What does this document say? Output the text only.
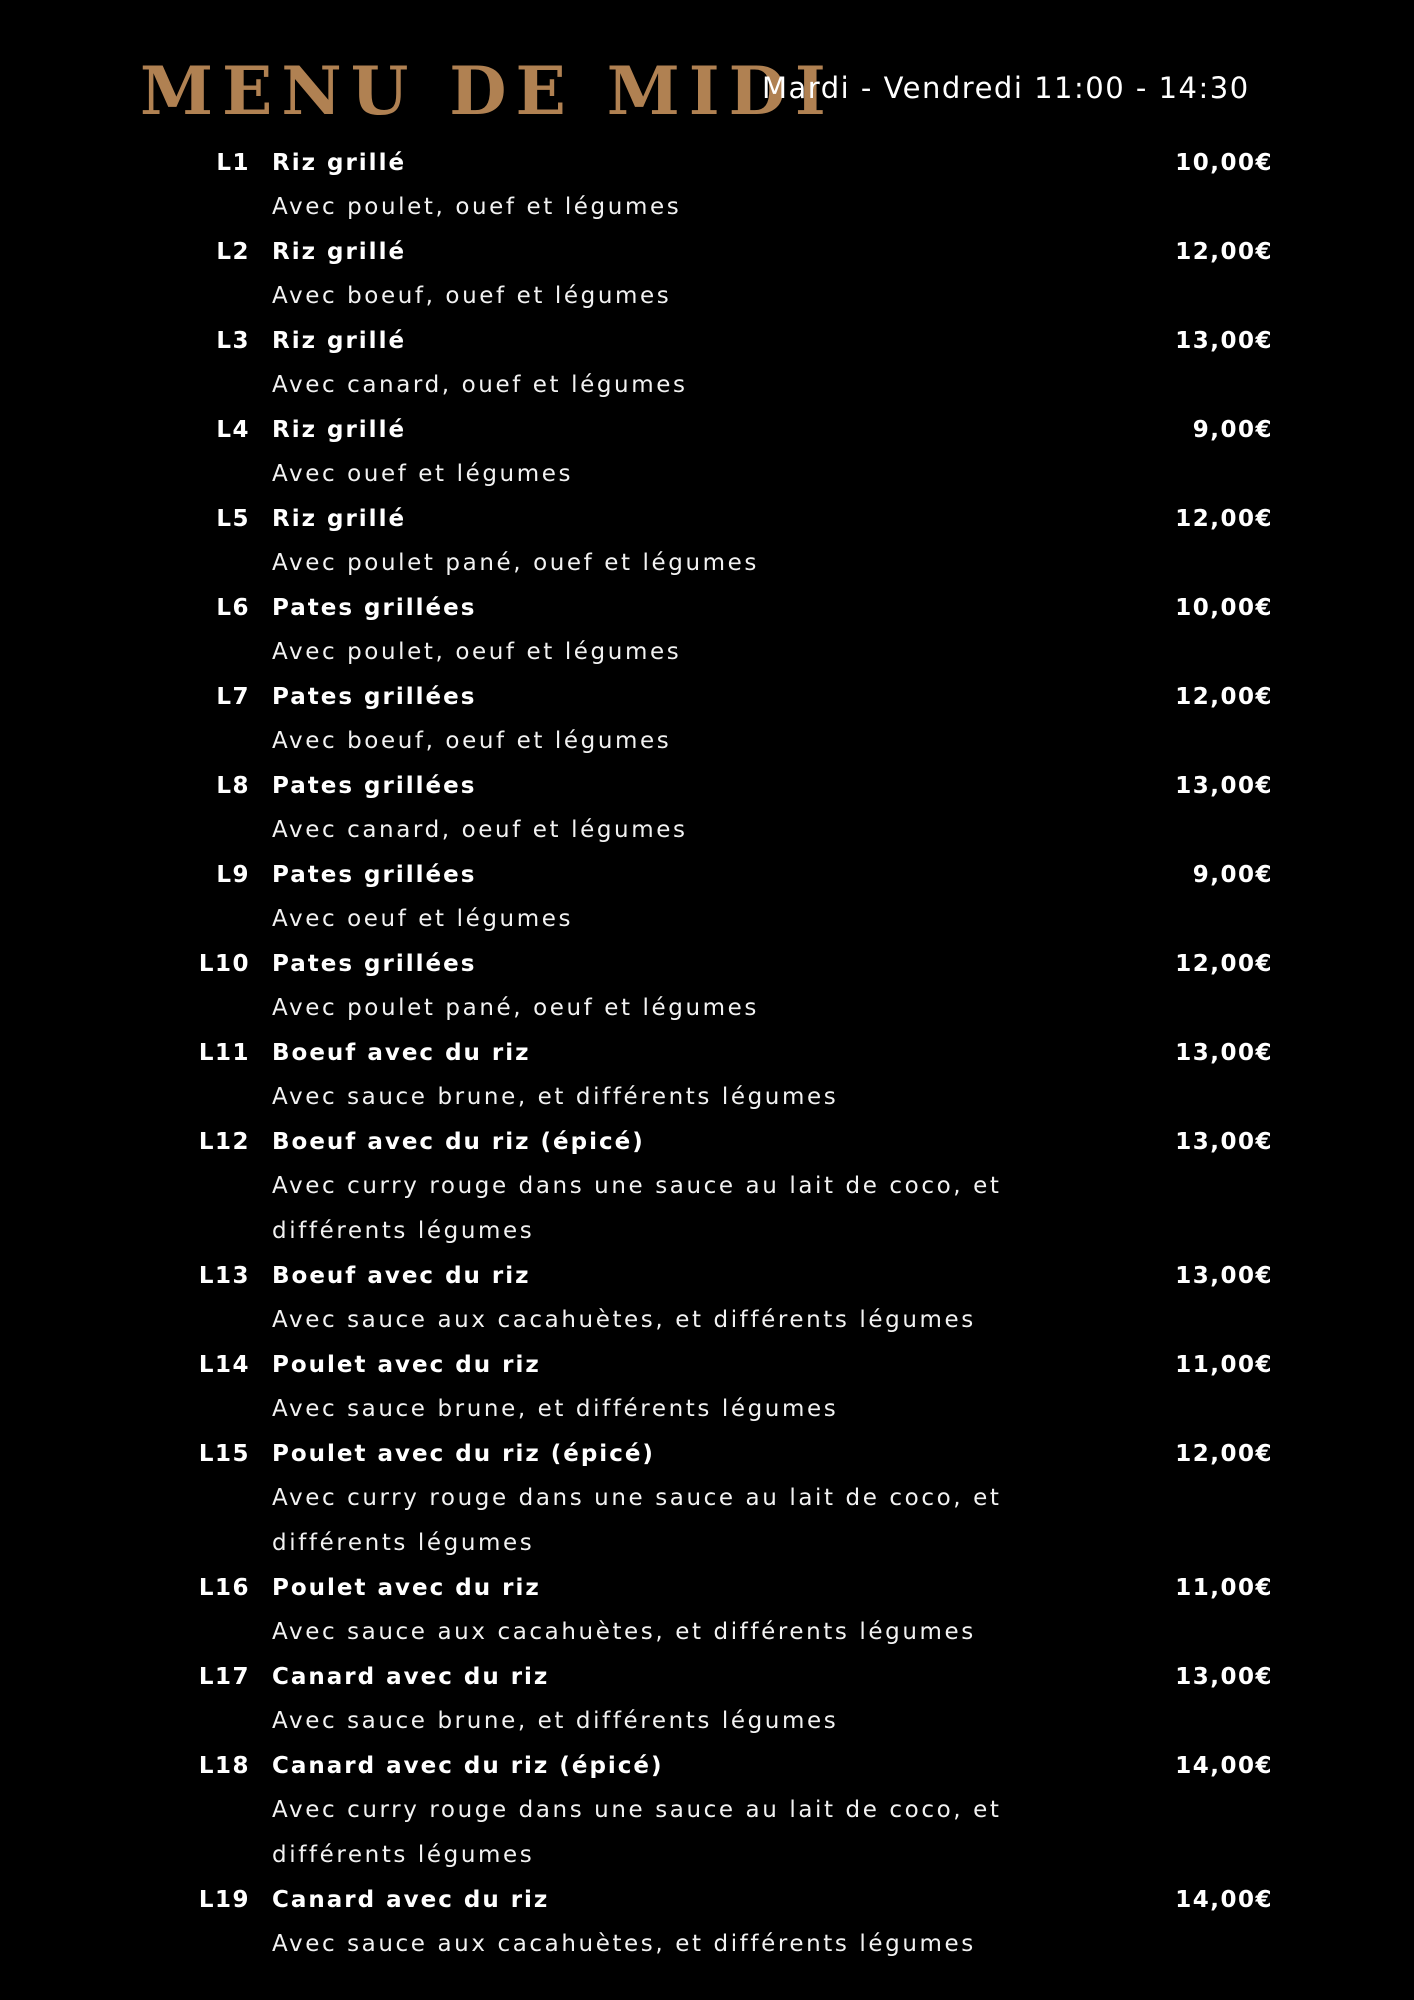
MENU DE MIDI
Mardi - Vendredi 11:00 - 14:30
L1 Riz grillé	10,00€

Avec poulet, ouef et légumes

L2 Riz grillé	12,00€

Avec boeuf, ouef et légumes

L3 Riz grillé	13,00€

Avec canard, ouef et légumes

L4 Riz grillé	9,00€

Avec ouef et légumes

L5 Riz grillé	12,00€

Avec poulet pané, ouef et légumes

L6 Pates grillées	10,00€

Avec poulet, oeuf et légumes

L7 Pates grillées	12,00€

Avec boeuf, oeuf et légumes

L8 Pates grillées	13,00€

Avec canard, oeuf et légumes

L9 Pates grillées	9,00€

Avec oeuf et légumes

L10 Pates grillées	12,00€

Avec poulet pané, oeuf et légumes

L11 Boeuf avec du riz	13,00€

Avec sauce brune, et différents légumes

L12 Boeuf avec du riz (épicé)	13,00€

Avec curry rouge dans une sauce au lait de coco, et différents légumes

L13 Boeuf avec du riz	13,00€

Avec sauce aux cacahuètes, et différents légumes

L14 Poulet avec du riz	11,00€

Avec sauce brune, et différents légumes

L15 Poulet avec du riz (épicé)	12,00€

Avec curry rouge dans une sauce au lait de coco, et différents légumes

L16 Poulet avec du riz	11,00€

Avec sauce aux cacahuètes, et différents légumes

L17 Canard avec du riz	13,00€

Avec sauce brune, et différents légumes

L18 Canard avec du riz (épicé)	14,00€

Avec curry rouge dans une sauce au lait de coco, et différents légumes

L19 Canard avec du riz	14,00€

Avec sauce aux cacahuètes, et différents légumes
